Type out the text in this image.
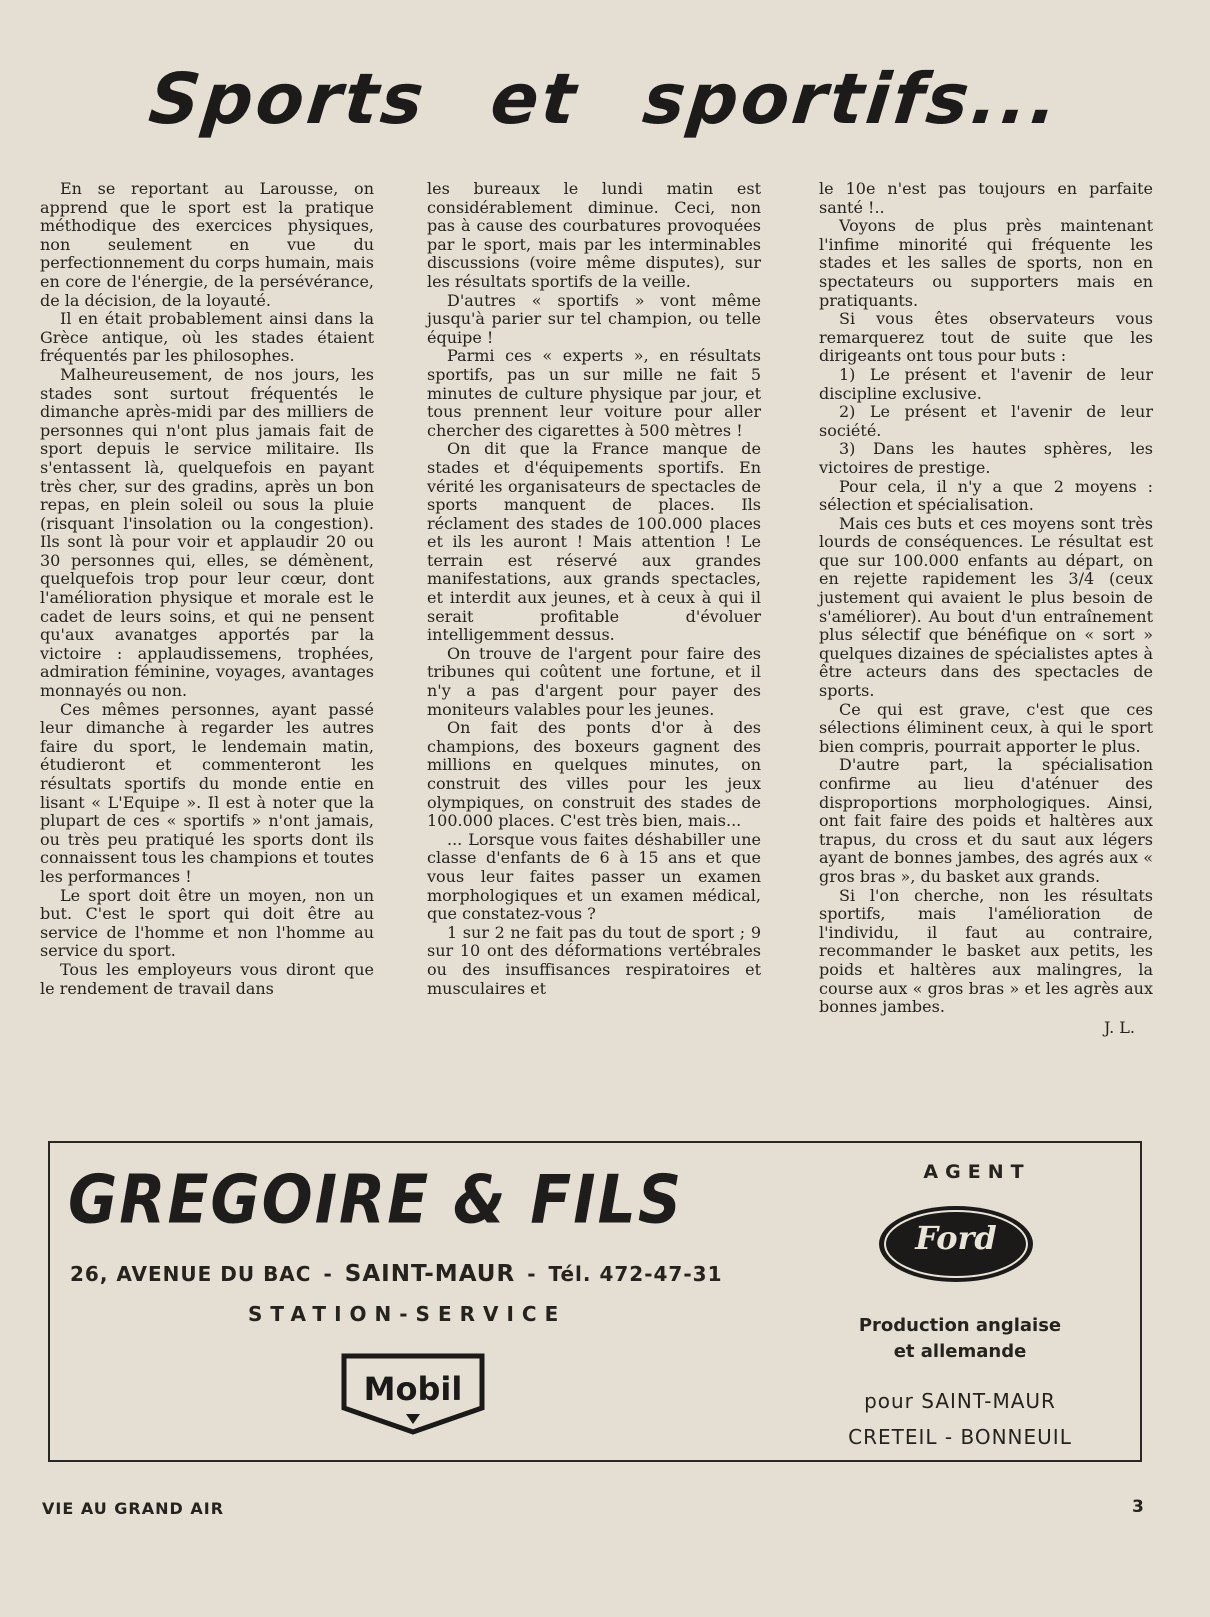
Sports et sportifs...

En se reportant au Larousse, on apprend que le sport est la pratique méthodique des exercices physiques, non seulement en vue du perfectionnement du corps humain, mais en core de l'énergie, de la persévérance, de la décision, de la loyauté.

Il en était probablement ainsi dans la Grèce antique, où les stades étaient fréquentés par les philosophes.

Malheureusement, de nos jours, les stades sont surtout fréquentés le dimanche après-midi par des milliers de personnes qui n'ont plus jamais fait de sport depuis le service militaire. Ils s'entassent là, quelquefois en payant très cher, sur des gradins, après un bon repas, en plein soleil ou sous la pluie (risquant l'insolation ou la congestion). Ils sont là pour voir et applaudir 20 ou 30 personnes qui, elles, se démènent, quelquefois trop pour leur cœur, dont l'amélioration physique et morale est le cadet de leurs soins, et qui ne pensent qu'aux avanatges apportés par la victoire : applaudissemens, trophées, admiration féminine, voyages, avantages monnayés ou non.

Ces mêmes personnes, ayant passé leur dimanche à regarder les autres faire du sport, le lendemain matin, étudieront et commenteront les résultats sportifs du monde entie en lisant « L'Equipe ». Il est à noter que la plupart de ces « sportifs » n'ont jamais, ou très peu pratiqué les sports dont ils connaissent tous les champions et toutes les performances !

Le sport doit être un moyen, non un but. C'est le sport qui doit être au service de l'homme et non l'homme au service du sport.

Tous les employeurs vous diront que le rendement de travail dans

les bureaux le lundi matin est considérablement diminue. Ceci, non pas à cause des courbatures provoquées par le sport, mais par les interminables discussions (voire même disputes), sur les résultats sportifs de la veille.

D'autres « sportifs » vont même jusqu'à parier sur tel champion, ou telle équipe !

Parmi ces « experts », en résultats sportifs, pas un sur mille ne fait 5 minutes de culture physique par jour, et tous prennent leur voiture pour aller chercher des cigarettes à 500 mètres !

On dit que la France manque de stades et d'équipements sportifs. En vérité les organisateurs de spectacles de sports manquent de places. Ils réclament des stades de 100.000 places et ils les auront ! Mais attention ! Le terrain est réservé aux grandes manifestations, aux grands spectacles, et interdit aux jeunes, et à ceux à qui il serait profitable d'évoluer intelligemment dessus.

On trouve de l'argent pour faire des tribunes qui coûtent une fortune, et il n'y a pas d'argent pour payer des moniteurs valables pour les jeunes.

On fait des ponts d'or à des champions, des boxeurs gagnent des millions en quelques minutes, on construit des villes pour les jeux olympiques, on construit des stades de 100.000 places. C'est très bien, mais...

... Lorsque vous faites déshabiller une classe d'enfants de 6 à 15 ans et que vous leur faites passer un examen morphologiques et un examen médical, que constatez-vous ?

1 sur 2 ne fait pas du tout de sport ; 9 sur 10 ont des déformations vertébrales ou des insuffisances respiratoires et musculaires et

le 10e n'est pas toujours en parfaite santé !..

Voyons de plus près maintenant l'infime minorité qui fréquente les stades et les salles de sports, non en spectateurs ou supporters mais en pratiquants.

Si vous êtes observateurs vous remarquerez tout de suite que les dirigeants ont tous pour buts :

1) Le présent et l'avenir de leur discipline exclusive.

2) Le présent et l'avenir de leur société.

3) Dans les hautes sphères, les victoires de prestige.

Pour cela, il n'y a que 2 moyens : sélection et spécialisation.

Mais ces buts et ces moyens sont très lourds de conséquences. Le résultat est que sur 100.000 enfants au départ, on en rejette rapidement les 3/4 (ceux justement qui avaient le plus besoin de s'améliorer). Au bout d'un entraînement plus sélectif que bénéfique on « sort » quelques dizaines de spécialistes aptes à être acteurs dans des spectacles de sports.

Ce qui est grave, c'est que ces sélections éliminent ceux, à qui le sport bien compris, pourrait apporter le plus.

D'autre part, la spécialisation confirme au lieu d'aténuer des disproportions morphologiques. Ainsi, ont fait faire des poids et haltères aux trapus, du cross et du saut aux légers ayant de bonnes jambes, des agrés aux « gros bras », du basket aux grands.

Si l'on cherche, non les résultats sportifs, mais l'amélioration de l'individu, il faut au contraire, recommander le basket aux petits, les poids et haltères aux malingres, la course aux « gros bras » et les agrès aux bonnes jambes.

J. L.

GREGOIRE & FILS
26, AVENUE DU BAC - SAINT-MAUR - Tél. 472-47-31
STATION-SERVICE
Mobil
AGENT
Ford
Production anglaise
et allemande
pour SAINT-MAUR
CRETEIL - BONNEUIL
VIE AU GRAND AIR	3
